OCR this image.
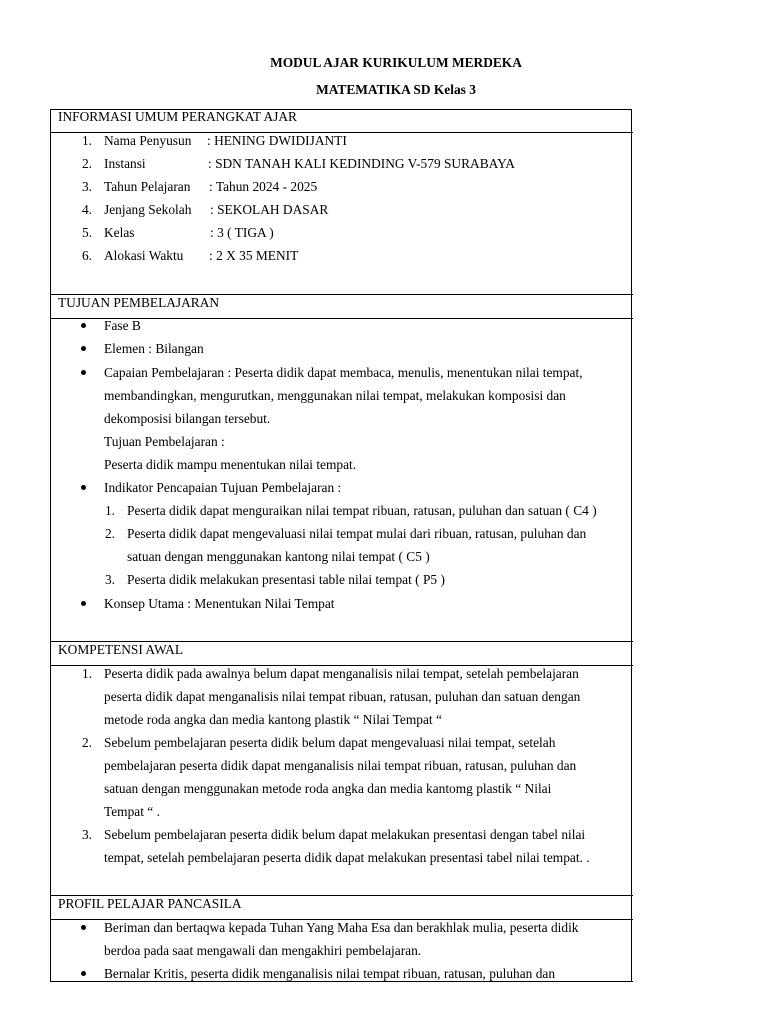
MODUL AJAR KURIKULUM MERDEKA
MATEMATIKA SD Kelas 3
INFORMASI UMUM PERANGKAT AJAR
1. Nama Penyusun : HENING DWIDIJANTI
2. Instansi	: SDN TANAH KALI KEDINDING V-579 SURABAYA
3. Tahun Pelajaran : Tahun 2024 - 2025
4. Jenjang Sekolah : SEKOLAH DASAR
5. Kelas	: 3 ( TIGA )
6. Alokasi Waktu : 2 X 35 MENIT
TUJUAN PEMBELAJARAN
Fase B
Elemen : Bilangan
Capaian Pembelajaran : Peserta didik dapat membaca, menulis, menentukan nilai tempat,
membandingkan, mengurutkan, menggunakan nilai tempat, melakukan komposisi dan
dekomposisi bilangan tersebut.
Tujuan Pembelajaran :
Peserta didik mampu menentukan nilai tempat.
Indikator Pencapaian Tujuan Pembelajaran :
1. Peserta didik dapat menguraikan nilai tempat ribuan, ratusan, puluhan dan satuan ( C4 )
2. Peserta didik dapat mengevaluasi nilai tempat mulai dari ribuan, ratusan, puluhan dan
satuan dengan menggunakan kantong nilai tempat ( C5 )
3. Peserta didik melakukan presentasi table nilai tempat ( P5 )
Konsep Utama : Menentukan Nilai Tempat
KOMPETENSI AWAL
1. Peserta didik pada awalnya belum dapat menganalisis nilai tempat, setelah pembelajaran
peserta didik dapat menganalisis nilai tempat ribuan, ratusan, puluhan dan satuan dengan
metode roda angka dan media kantong plastik “ Nilai Tempat “
2. Sebelum pembelajaran peserta didik belum dapat mengevaluasi nilai tempat, setelah
pembelajaran peserta didik dapat menganalisis nilai tempat ribuan, ratusan, puluhan dan
satuan dengan menggunakan metode roda angka dan media kantomg plastik “ Nilai
Tempat “ .
3. Sebelum pembelajaran peserta didik belum dapat melakukan presentasi dengan tabel nilai
tempat, setelah pembelajaran peserta didik dapat melakukan presentasi tabel nilai tempat. .
PROFIL PELAJAR PANCASILA
Beriman dan bertaqwa kepada Tuhan Yang Maha Esa dan berakhlak mulia, peserta didik
berdoa pada saat mengawali dan mengakhiri pembelajaran.
Bernalar Kritis, peserta didik menganalisis nilai tempat ribuan, ratusan, puluhan dan
